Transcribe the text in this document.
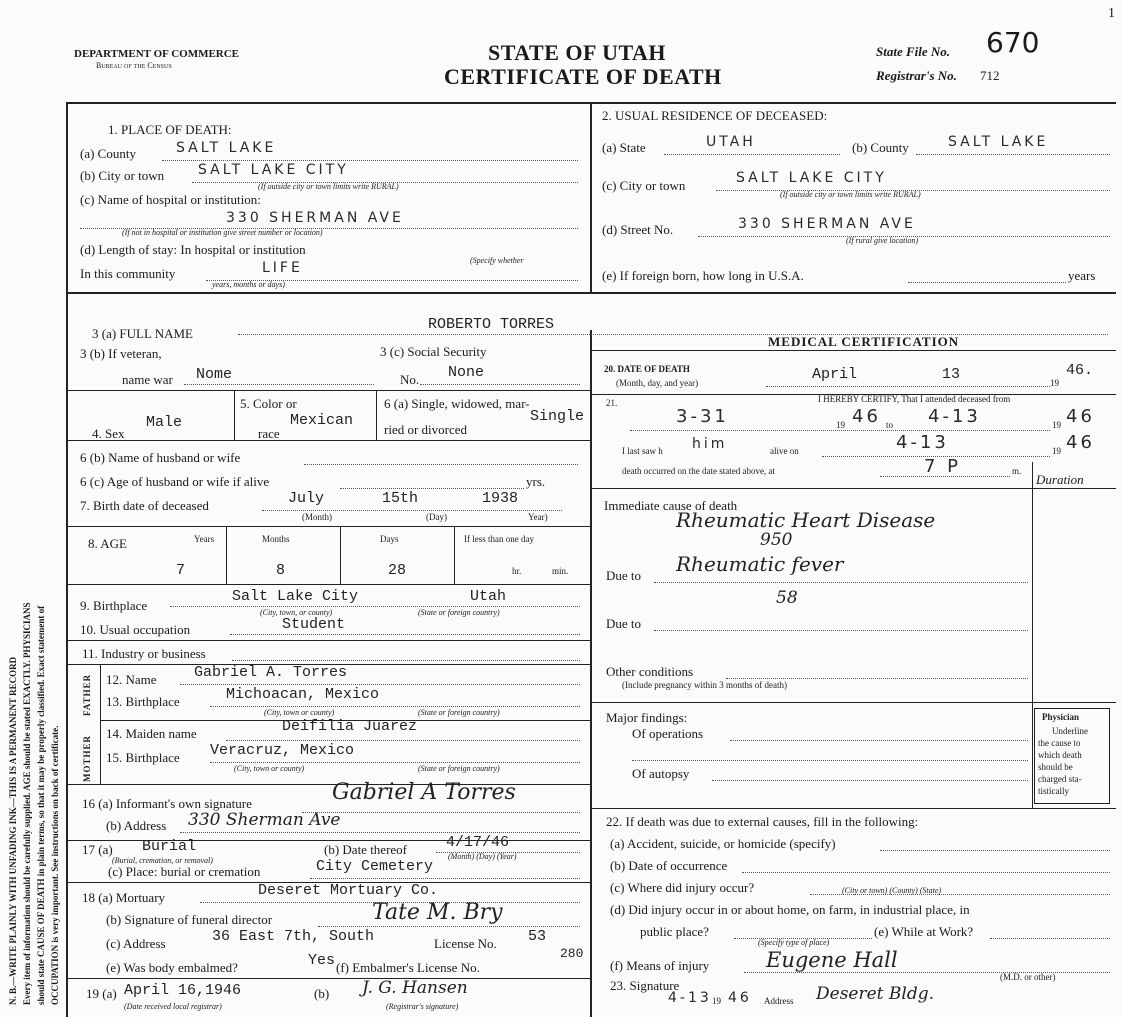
N. B.—WRITE PLAINLY WITH UNFADING INK—THIS IS A PERMANENT RECORD Every item of information should be carefully supplied. AGE should be stated EXACTLY. PHYSICIANS should state CAUSE OF DEATH in plain terms, so that it may be properly classified. Exact statement of OCCUPATION is very important. See instructions on back of certificate.
DEPARTMENT OF COMMERCE
Bureau of the Census
STATE OF UTAH
CERTIFICATE OF DEATH
State File No. 670
Registrar's No. 712
1
1. PLACE OF DEATH:
(a) County	SALT LAKE
(b) City or town SALT LAKE CITY
(If outside city or town limits write RURAL)
(c) Name of hospital or institution:
330 SHERMAN AVE
(If not in hospital or institution give street number or location)
(d) Length of stay: In hospital or institution
(Specify whether
In this community	LIFE
years, months or days)
2. USUAL RESIDENCE OF DECEASED:
(a) State	UTAH	(b) County	SALT LAKE
(c) City or town	SALT LAKE CITY
(If outside city or town limits write RURAL)
(d) Street No.	330 SHERMAN AVE
(If rural give location)
(e) If foreign born, how long in U.S.A.	years
3 (a) FULL NAME
ROBERTO TORRES
MEDICAL CERTIFICATION
3 (b) If veteran,
name war Nome
3 (c) Social Security
No. None
4. Sex
Male
5. Color or
race
Mexican
6 (a) Single, widowed, mar-
ried or divorced
Single
6 (b) Name of husband or wife
6 (c) Age of husband or wife if alive	yrs.
7. Birth date of deceased	July	15th	1938
(Month)	(Day)	Year)
8. AGE	Years	Months	Days	If less than one day
7	8	28	hr.	min.
9. Birthplace
Salt Lake City	Utah
(City, town, or county)	(State or foreign country)
10. Usual occupation	Student
11. Industry or business
FATHER
MOTHER
12. Name Gabriel A. Torres
13. Birthplace	Michoacan, Mexico
(City, town or county)	(State or foreign country)
14. Maiden name	Deifilia Juarez
15. Birthplace Veracruz, Mexico
(City, town or county)	(State or foreign country)
16 (a) Informant's own signature	Gabriel A Torres
(b) Address 330 Sherman Ave
17 (a) Burial
(Burial, cremation, or removal)
(b) Date thereof	4/17/46
(Month) (Day) (Year)
(c) Place: burial or cremation	City Cemetery
18 (a) Mortuary	Deseret Mortuary Co.
(b) Signature of funeral director	Tate M. Bry
(c) Address	36 East 7th, South	License No. 53
(e) Was body embalmed?	Yes (f) Embalmer's License No.
280
19 (a) April 16,1946
(Date received local registrar)
(b) J. G. Hansen
(Registrar's signature)
20. DATE OF DEATH
(Month, day, and year)	April	13	19
46.
21.	I HEREBY CERTIFY, That I attended deceased from
3-31	19 46 to 4-13	19 46
I last saw h him	alive on	4-13	19 46
death occurred on the date stated above, at	7 P	m.
Duration
Immediate cause of death
Rheumatic Heart Disease
950
Due to Rheumatic fever
58
Due to
Other conditions
(Include pregnancy within 3 months of death)
Major findings:
Of operations
Of autopsy
Physician
Underline
the cause to
which death
should be
charged sta-
tistically
22. If death was due to external causes, fill in the following:
(a) Accident, suicide, or homicide (specify)
(b) Date of occurrence
(c) Where did injury occur?	(City or town) (County) (State)
(d) Did injury occur in or about home, on farm, in industrial place, in
public place?
(Specify type of place)
(e) While at Work?
(f) Means of injury	Eugene Hall
23. Signature
(M.D. or other)
4-13 19 46 Address Deseret Bldg.
